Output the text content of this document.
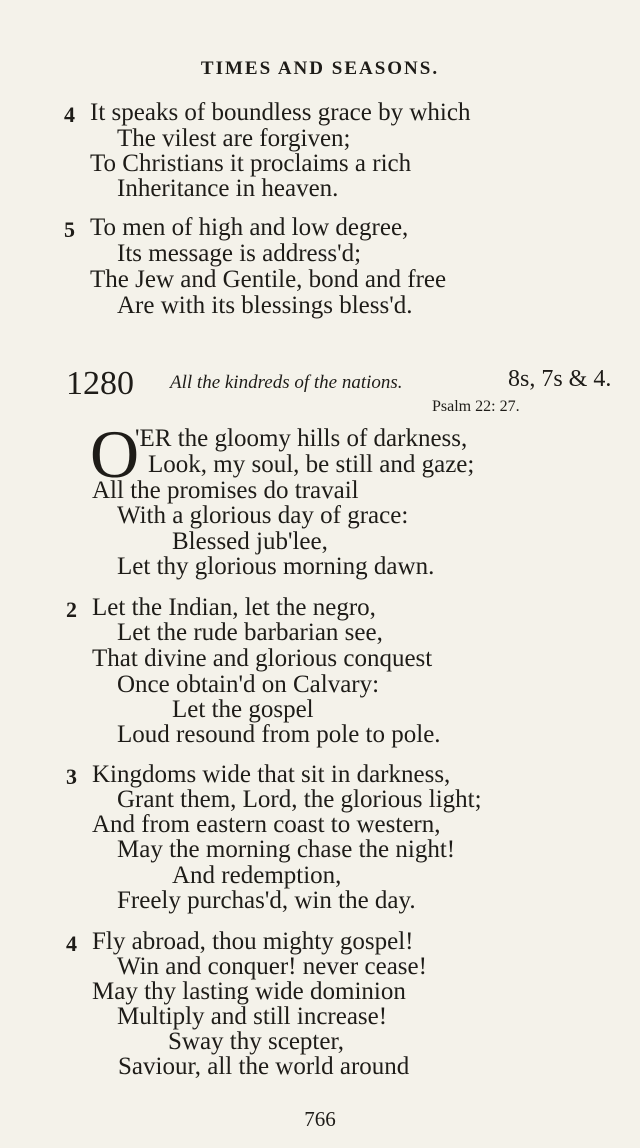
TIMES AND SEASONS.
4 It speaks of boundless grace by which
The vilest are forgiven;
To Christians it proclaims a rich
Inheritance in heaven.
5 To men of high and low degree,
Its message is address'd;
The Jew and Gentile, bond and free
Are with its blessings bless'd.
1280 All the kindreds of the nations.	8s, 7s & 4.
Psalm 22: 27.
O
'ER the gloomy hills of darkness,
Look, my soul, be still and gaze;
All the promises do travail
With a glorious day of grace:
Blessed jub'lee,
Let thy glorious morning dawn.
2 Let the Indian, let the negro,
Let the rude barbarian see,
That divine and glorious conquest
Once obtain'd on Calvary:
Let the gospel
Loud resound from pole to pole.
3 Kingdoms wide that sit in darkness,
Grant them, Lord, the glorious light;
And from eastern coast to western,
May the morning chase the night!
And redemption,
Freely purchas'd, win the day.
4 Fly abroad, thou mighty gospel!
Win and conquer! never cease!
May thy lasting wide dominion
Multiply and still increase!
Sway thy scepter,
Saviour, all the world around
766
